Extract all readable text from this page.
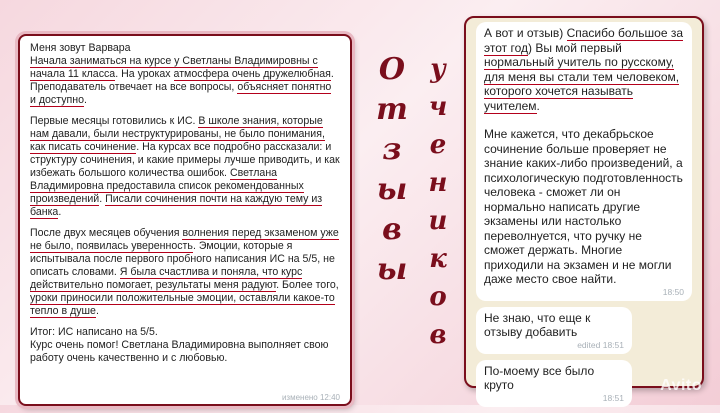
Меня зовут Варвара
Начала заниматься на курсе у Светланы Владимировны с начала 11 класса. На уроках атмосфера очень дружелюбная. Преподаватель отвечает на все вопросы, объясняет понятно и доступно.

Первые месяцы готовились к ИС. В школе знания, которые нам давали, были неструктурированы, не было понимания, как писать сочинение. На курсах все подробно рассказали: и структуру сочинения, и какие примеры лучше приводить, и как избежать большого количества ошибок. Светлана Владимировна предоставила список рекомендованных произведений. Писали сочинения почти на каждую тему из банка.

После двух месяцев обучения волнения перед экзаменом уже не было, появилась уверенность. Эмоции, которые я испытывала после первого пробного написания ИС на 5/5, не описать словами. Я была счастлива и поняла, что курс действительно помогает, результаты меня радуют. Более того, уроки приносили положительные эмоции, оставляли какое-то тепло в душе.

Итог: ИС написано на 5/5.
Курс очень помог! Светлана Владимировна выполняет свою работу очень качественно и с любовью.

изменено 12:40
О
т
з
ы
в
ы
у
ч
е
н
и
к
о
в

А вот и отзыв) Спасибо большое за этот год) Вы мой первый нормальный учитель по русскому, для меня вы стали тем человеком, которого хочется называть учителем.

Мне кажется, что декабрьское сочинение больше проверяет не знание каких-либо произведений, а психологическую подготовленность человека - сможет ли он нормально написать другие экзамены или настолько переволнуется, что ручку не сможет держать. Многие приходили на экзамен и не могли даже место свое найти.

18:50
Не знаю, что еще к отзыву добавить
edited 18:51
По-моему все было круто
18:51
Avito
